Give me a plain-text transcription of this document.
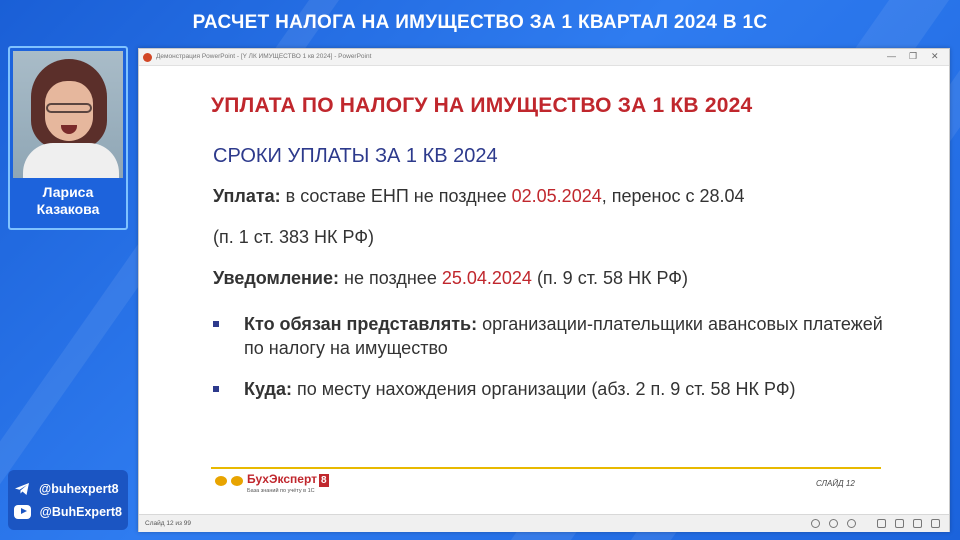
РАСЧЕТ НАЛОГА НА ИМУЩЕСТВО ЗА 1 КВАРТАЛ 2024 В 1С
Лариса
Казакова
@buhexpert8
@BuhExpert8
Демонстрация PowerPoint - [Y ЛК ИМУЩЕСТВО 1 кв 2024] - PowerPoint	— ❐ ✕
УПЛАТА ПО НАЛОГУ НА ИМУЩЕСТВО ЗА 1 КВ 2024
СРОКИ УПЛАТЫ ЗА 1 КВ 2024
Уплата: в составе ЕНП не позднее 02.05.2024, перенос с 28.04
(п. 1 ст. 383 НК РФ)
Уведомление: не позднее 25.04.2024 (п. 9 ст. 58 НК РФ)
Кто обязан представлять: организации-плательщики авансовых платежей по налогу на имущество
Куда: по месту нахождения организации (абз. 2 п. 9 ст. 58 НК РФ)
БухЭксперт 8
База знаний по учёту в 1С
СЛАЙД 12
Слайд 12 из 99
